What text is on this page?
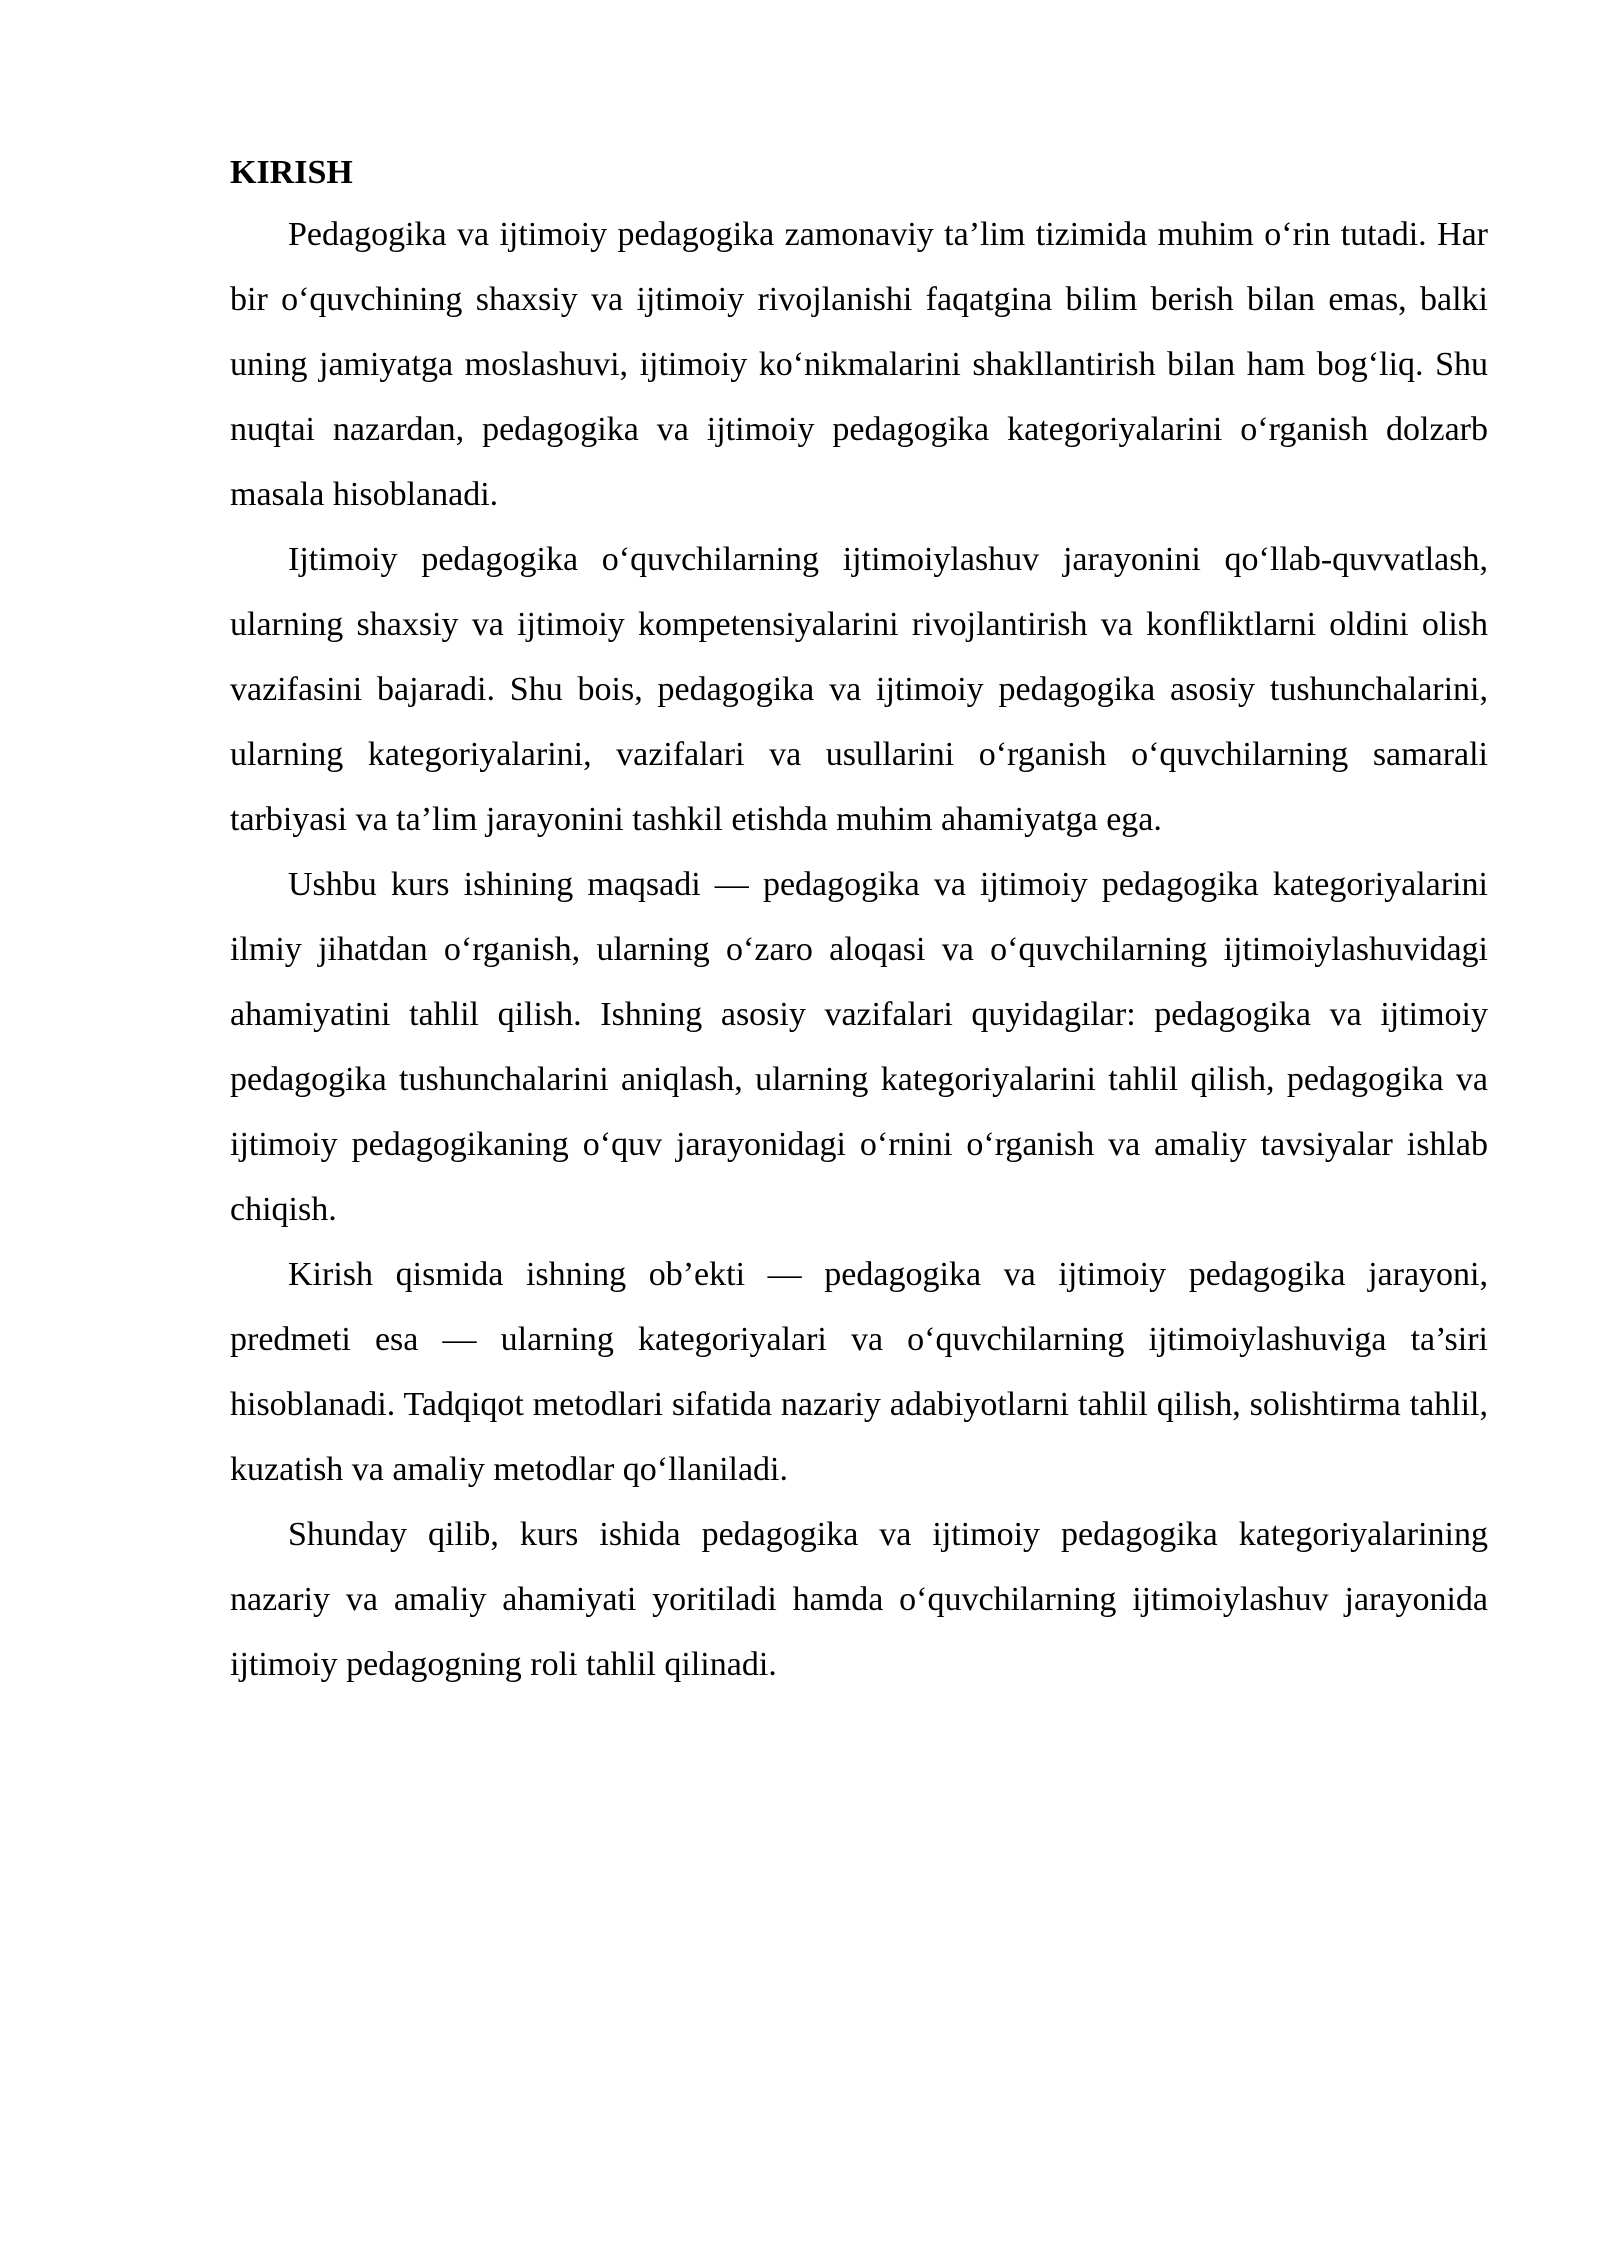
KIRISH

Pedagogika va ijtimoiy pedagogika zamonaviy ta’lim tizimida muhim o‘rin tutadi. Har bir o‘quvchining shaxsiy va ijtimoiy rivojlanishi faqatgina bilim berish bilan emas, balki uning jamiyatga moslashuvi, ijtimoiy ko‘nikmalarini shakllantirish bilan ham bog‘liq. Shu nuqtai nazardan, pedagogika va ijtimoiy pedagogika kategoriyalarini o‘rganish dolzarb masala hisoblanadi.

Ijtimoiy pedagogika o‘quvchilarning ijtimoiylashuv jarayonini qo‘llab-quvvatlash, ularning shaxsiy va ijtimoiy kompetensiyalarini rivojlantirish va konfliktlarni oldini olish vazifasini bajaradi. Shu bois, pedagogika va ijtimoiy pedagogika asosiy tushunchalarini, ularning kategoriyalarini, vazifalari va usullarini o‘rganish o‘quvchilarning samarali tarbiyasi va ta’lim jarayonini tashkil etishda muhim ahamiyatga ega.

Ushbu kurs ishining maqsadi — pedagogika va ijtimoiy pedagogika kategoriyalarini ilmiy jihatdan o‘rganish, ularning o‘zaro aloqasi va o‘quvchilarning ijtimoiylashuvidagi ahamiyatini tahlil qilish. Ishning asosiy vazifalari quyidagilar: pedagogika va ijtimoiy pedagogika tushunchalarini aniqlash, ularning kategoriyalarini tahlil qilish, pedagogika va ijtimoiy pedagogikaning o‘quv jarayonidagi o‘rnini o‘rganish va amaliy tavsiyalar ishlab chiqish.

Kirish qismida ishning ob’ekti — pedagogika va ijtimoiy pedagogika jarayoni, predmeti esa — ularning kategoriyalari va o‘quvchilarning ijtimoiylashuviga ta’siri hisoblanadi. Tadqiqot metodlari sifatida nazariy adabiyotlarni tahlil qilish, solishtirma tahlil, kuzatish va amaliy metodlar qo‘llaniladi.

Shunday qilib, kurs ishida pedagogika va ijtimoiy pedagogika kategoriyalarining nazariy va amaliy ahamiyati yoritiladi hamda o‘quvchilarning ijtimoiylashuv jarayonida ijtimoiy pedagogning roli tahlil qilinadi.
